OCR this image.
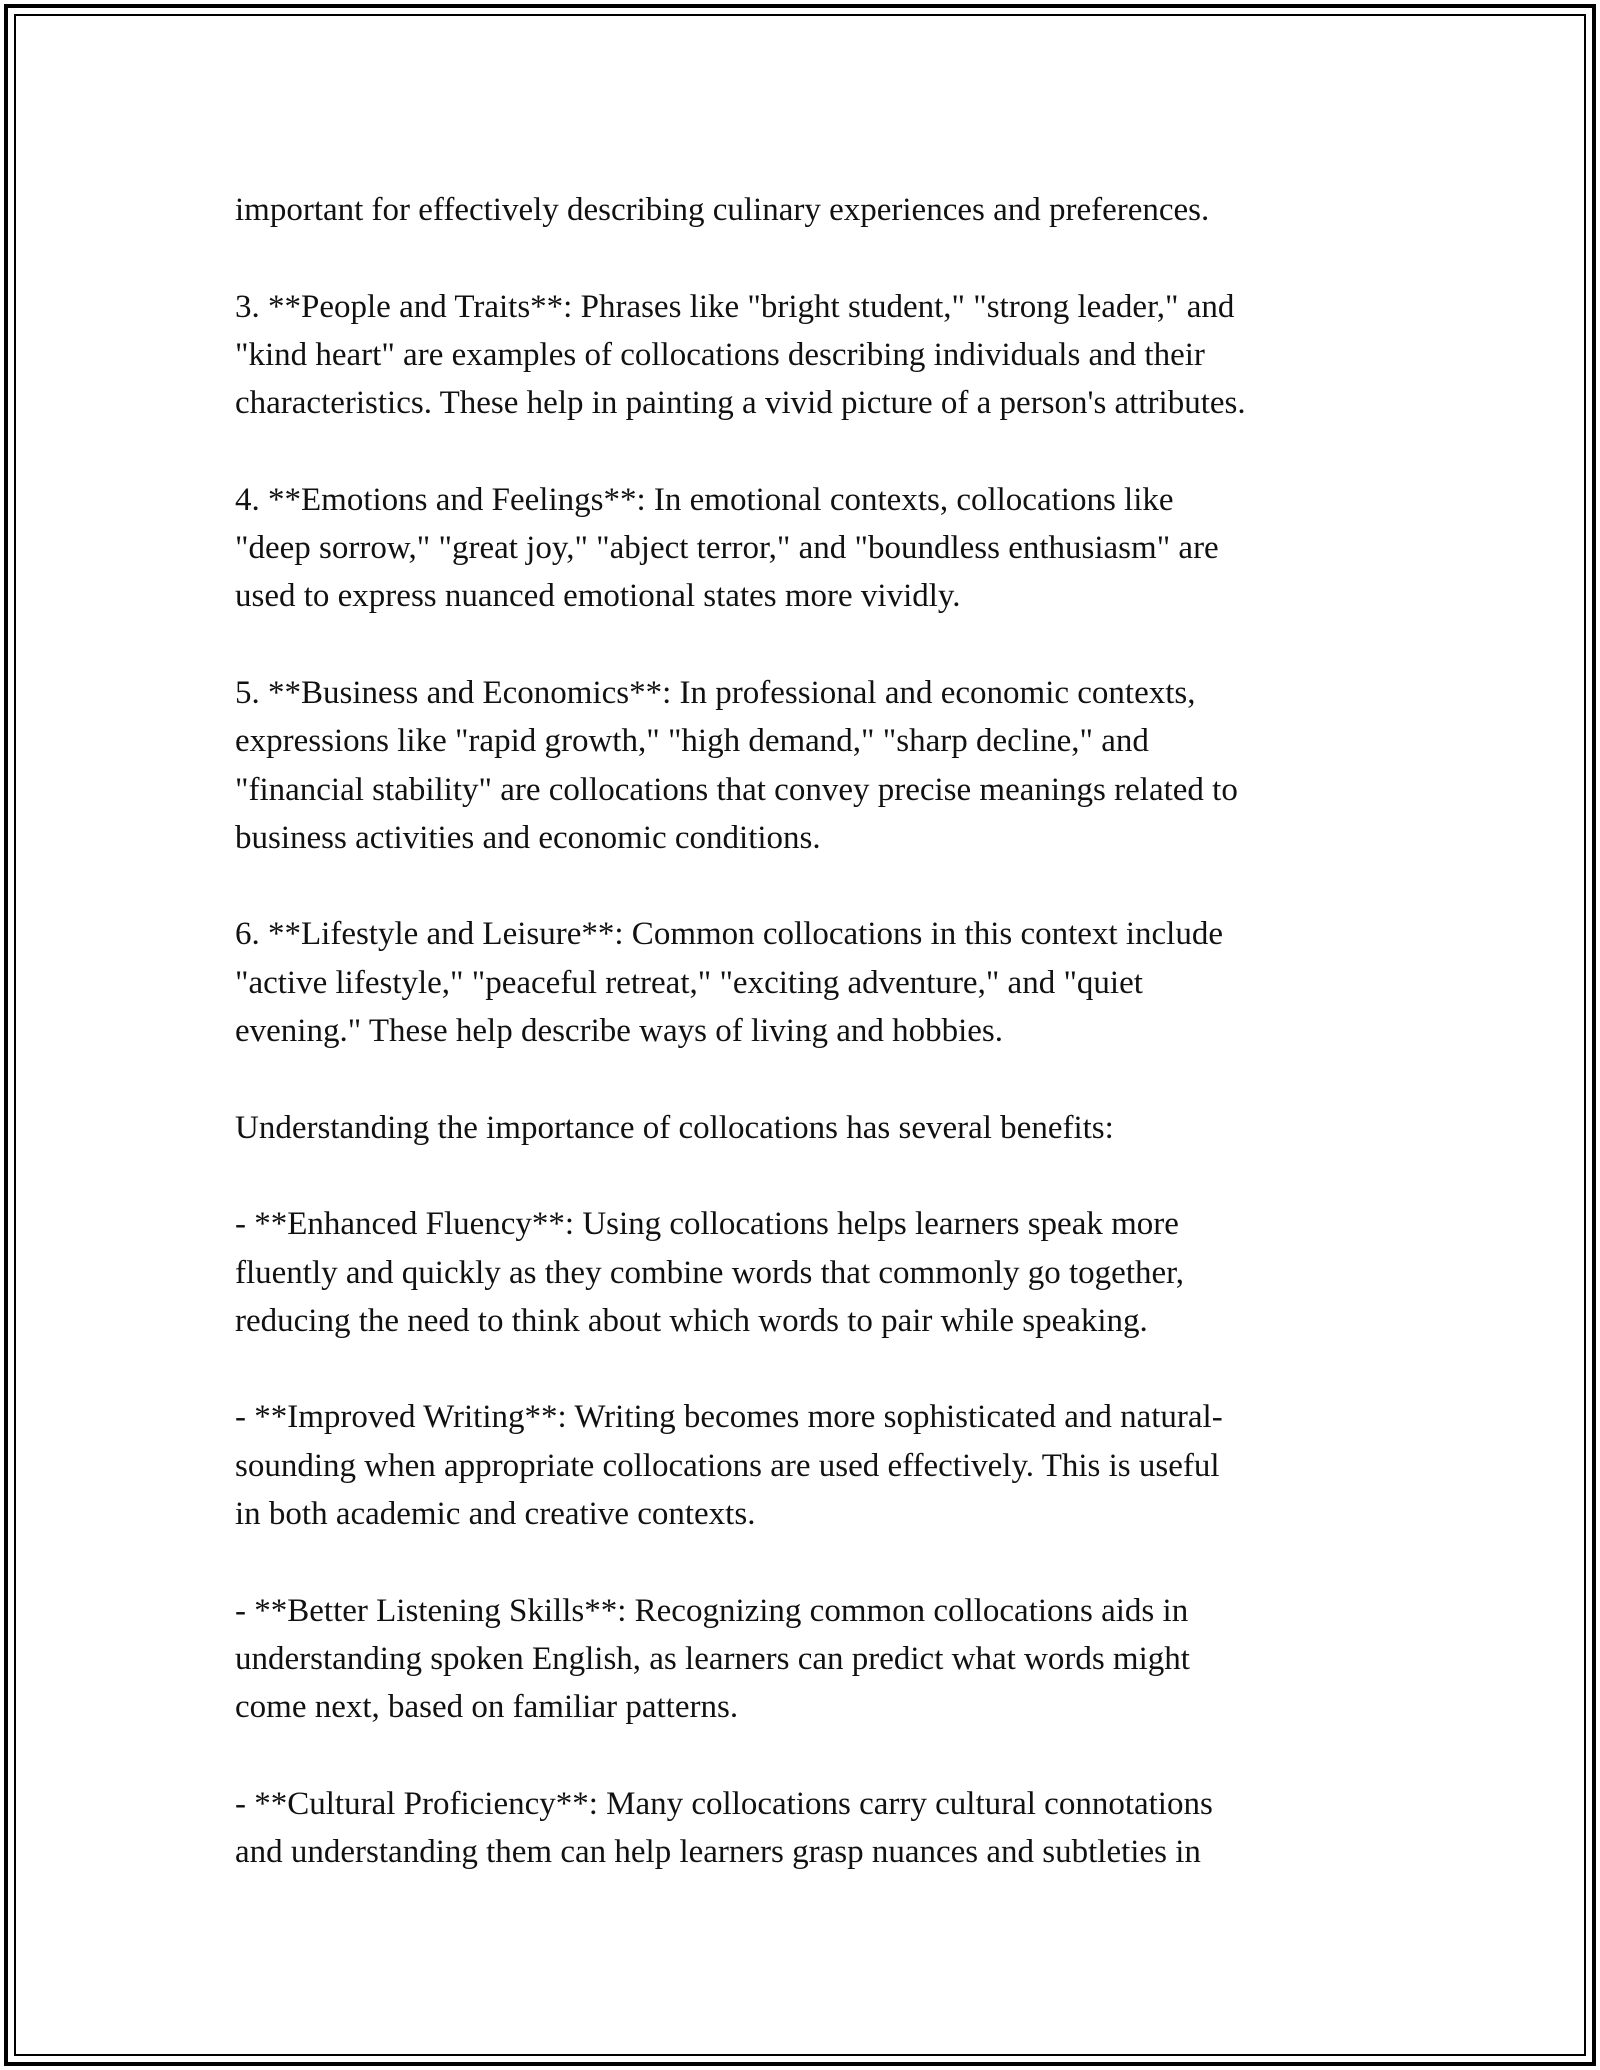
important for effectively describing culinary experiences and preferences.

3. **People and Traits**: Phrases like "bright student," "strong leader," and
"kind heart" are examples of collocations describing individuals and their
characteristics. These help in painting a vivid picture of a person's attributes.

4. **Emotions and Feelings**: In emotional contexts, collocations like
"deep sorrow," "great joy," "abject terror," and "boundless enthusiasm" are
used to express nuanced emotional states more vividly.

5. **Business and Economics**: In professional and economic contexts,
expressions like "rapid growth," "high demand," "sharp decline," and
"financial stability" are collocations that convey precise meanings related to
business activities and economic conditions.

6. **Lifestyle and Leisure**: Common collocations in this context include
"active lifestyle," "peaceful retreat," "exciting adventure," and "quiet
evening." These help describe ways of living and hobbies.

Understanding the importance of collocations has several benefits:

- **Enhanced Fluency**: Using collocations helps learners speak more
fluently and quickly as they combine words that commonly go together,
reducing the need to think about which words to pair while speaking.

- **Improved Writing**: Writing becomes more sophisticated and natural-
sounding when appropriate collocations are used effectively. This is useful
in both academic and creative contexts.

- **Better Listening Skills**: Recognizing common collocations aids in
understanding spoken English, as learners can predict what words might
come next, based on familiar patterns.

- **Cultural Proficiency**: Many collocations carry cultural connotations
and understanding them can help learners grasp nuances and subtleties in
